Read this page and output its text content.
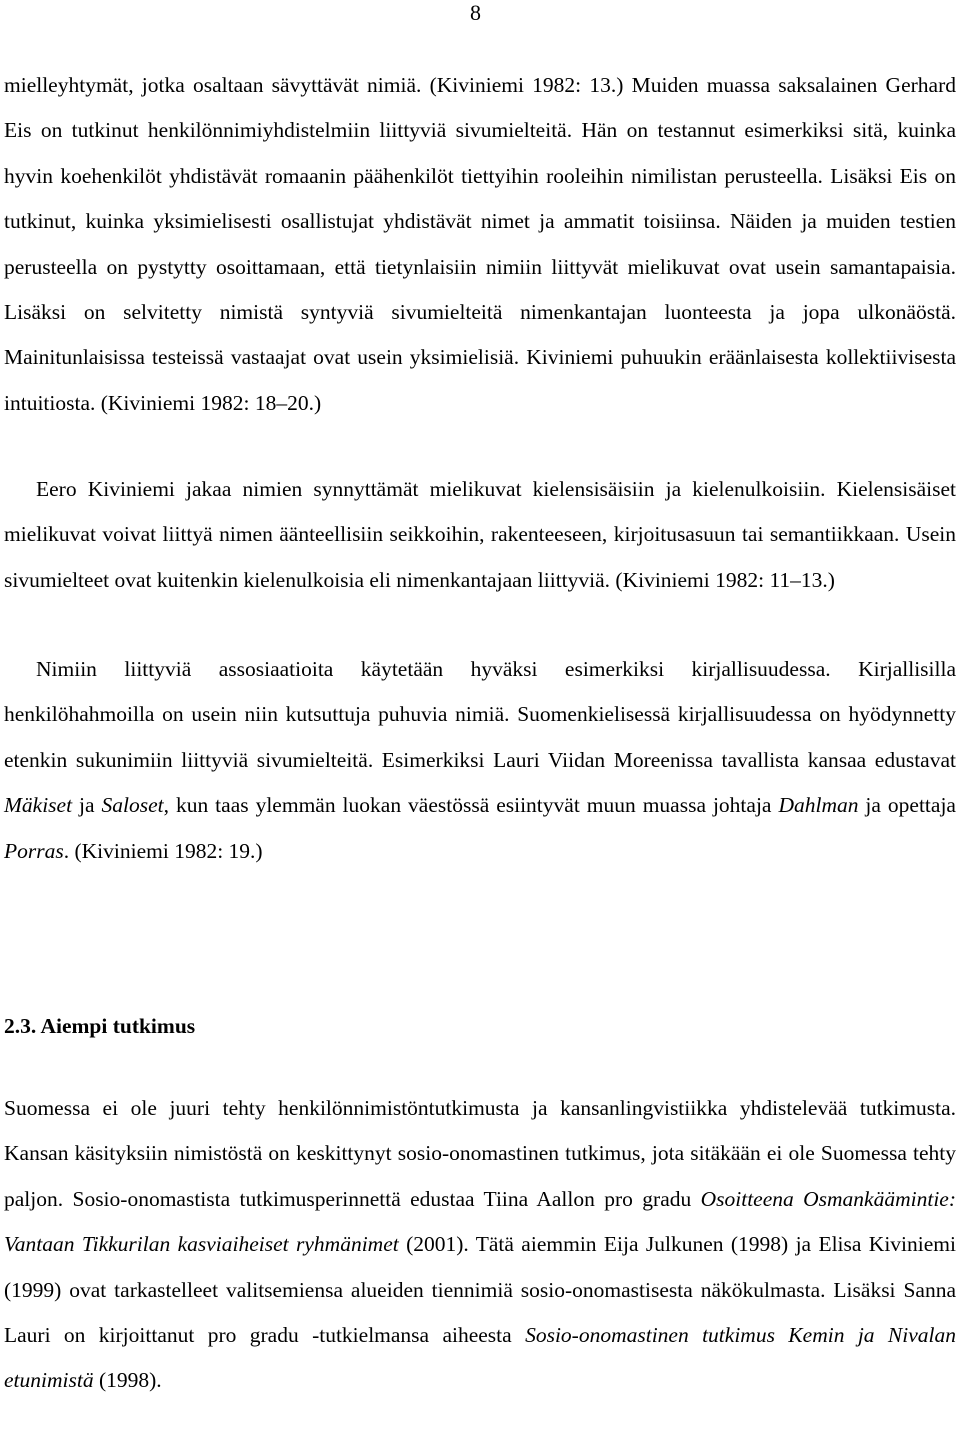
8

mielleyhtymät, jotka osaltaan sävyttävät nimiä. (Kiviniemi 1982: 13.) Muiden muassa saksalainen Gerhard Eis on tutkinut henkilönnimiyhdistelmiin liittyviä sivumielteitä. Hän on testannut esimerkiksi sitä, kuinka hyvin koehenkilöt yhdistävät romaanin päähenkilöt tiettyihin rooleihin nimilistan perusteella. Lisäksi Eis on tutkinut, kuinka yksimielisesti osallistujat yhdistävät nimet ja ammatit toisiinsa. Näiden ja muiden testien perusteella on pystytty osoittamaan, että tietynlaisiin nimiin liittyvät mielikuvat ovat usein samantapaisia. Lisäksi on selvitetty nimistä syntyviä sivumielteitä nimenkantajan luonteesta ja jopa ulkonäöstä. Mainitunlaisissa testeissä vastaajat ovat usein yksimielisiä. Kiviniemi puhuukin eräänlaisesta kollektiivisesta intuitiosta. (Kiviniemi 1982: 18–20.)

Eero Kiviniemi jakaa nimien synnyttämät mielikuvat kielensisäisiin ja kielenulkoisiin. Kielensisäiset mielikuvat voivat liittyä nimen äänteellisiin seikkoihin, rakenteeseen, kirjoitusasuun tai semantiikkaan. Usein sivumielteet ovat kuitenkin kielenulkoisia eli nimenkantajaan liittyviä. (Kiviniemi 1982: 11–13.)

Nimiin liittyviä assosiaatioita käytetään hyväksi esimerkiksi kirjallisuudessa. Kirjallisilla henkilöhahmoilla on usein niin kutsuttuja puhuvia nimiä. Suomenkielisessä kirjallisuudessa on hyödynnetty etenkin sukunimiin liittyviä sivumielteitä. Esimerkiksi Lauri Viidan Moreenissa tavallista kansaa edustavat Mäkiset ja Saloset, kun taas ylemmän luokan väestössä esiintyvät muun muassa johtaja Dahlman ja opettaja Porras. (Kiviniemi 1982: 19.)

2.3. Aiempi tutkimus

Suomessa ei ole juuri tehty henkilönnimistöntutkimusta ja kansanlingvistiikka yhdistelevää tutkimusta. Kansan käsityksiin nimistöstä on keskittynyt sosio-onomastinen tutkimus, jota sitäkään ei ole Suomessa tehty paljon. Sosio-onomastista tutkimusperinnettä edustaa Tiina Aallon pro gradu Osoitteena Osmankäämintie: Vantaan Tikkurilan kasviaiheiset ryhmänimet (2001). Tätä aiemmin Eija Julkunen (1998) ja Elisa Kiviniemi (1999) ovat tarkastelleet valitsemiensa alueiden tiennimiä sosio-onomastisesta näkökulmasta. Lisäksi Sanna Lauri on kirjoittanut pro gradu -tutkielmansa aiheesta Sosio-onomastinen tutkimus Kemin ja Nivalan etunimistä (1998).
